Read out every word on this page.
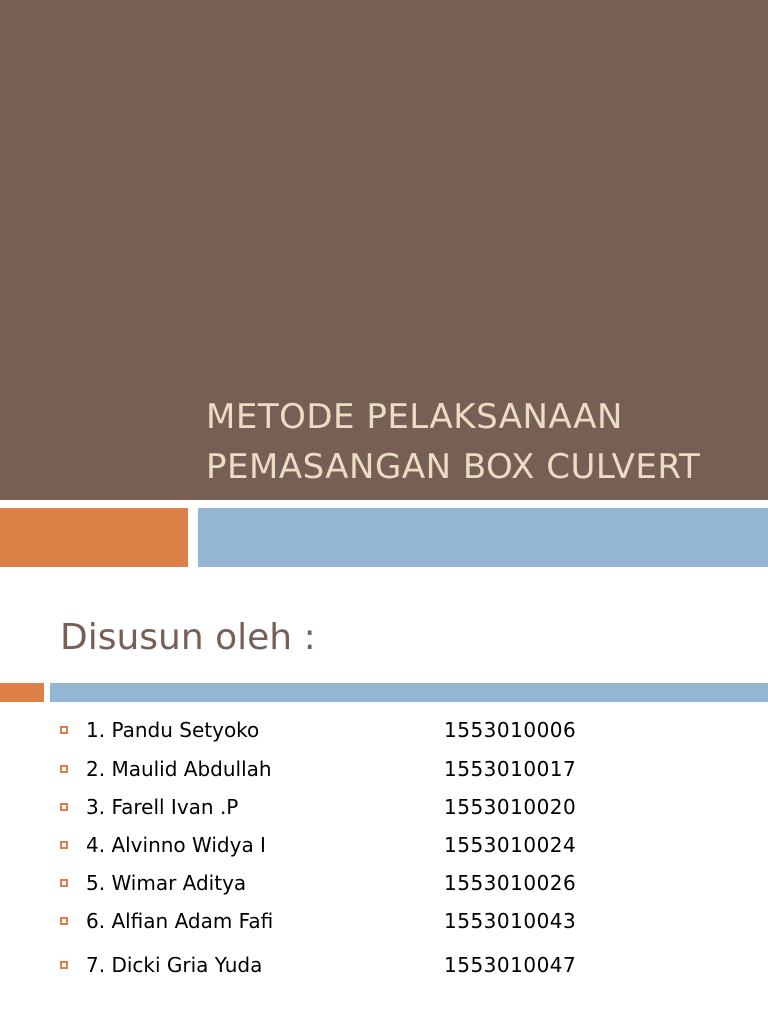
METODE PELAKSANAAN
PEMASANGAN BOX CULVERT
Disusun oleh :
1. Pandu Setyoko	1553010006
2. Maulid Abdullah	1553010017
3. Farell Ivan .P	1553010020
4. Alvinno Widya I	1553010024
5. Wimar Aditya	1553010026
6. Alfian Adam Fafi	1553010043
7. Dicki Gria Yuda	1553010047
